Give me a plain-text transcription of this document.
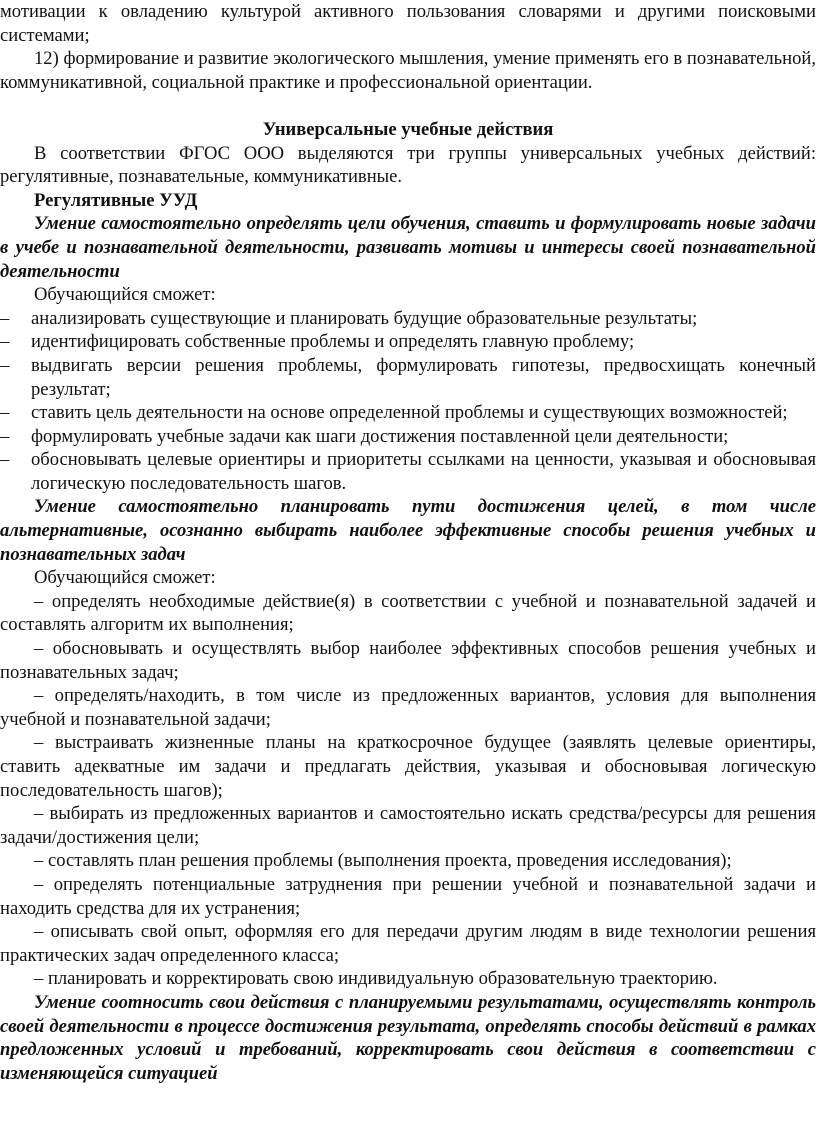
мотивации к овладению культурой активного пользования словарями и другими поисковыми системами;

12) формирование и развитие экологического мышления, умение применять его в познавательной, коммуникативной, социальной практике и профессиональной ориентации.

Универсальные учебные действия

В соответствии ФГОС ООО выделяются три группы универсальных учебных действий: регулятивные, познавательные, коммуникативные.

Регулятивные УУД

Умение самостоятельно определять цели обучения, ставить и формулировать новые задачи в учебе и познавательной деятельности, развивать мотивы и интересы своей познавательной деятельности

Обучающийся сможет:

– анализировать существующие и планировать будущие образовательные результаты;
– идентифицировать собственные проблемы и определять главную проблему;
– выдвигать версии решения проблемы, формулировать гипотезы, предвосхищать конечный результат;
– ставить цель деятельности на основе определенной проблемы и существующих возможностей;
– формулировать учебные задачи как шаги достижения поставленной цели деятельности;
– обосновывать целевые ориентиры и приоритеты ссылками на ценности, указывая и обосновывая логическую последовательность шагов.

Умение самостоятельно планировать пути достижения целей, в том числе альтернативные, осознанно выбирать наиболее эффективные способы решения учебных и познавательных задач

Обучающийся сможет:

– определять необходимые действие(я) в соответствии с учебной и познавательной задачей и составлять алгоритм их выполнения;

– обосновывать и осуществлять выбор наиболее эффективных способов решения учебных и познавательных задач;

– определять/находить, в том числе из предложенных вариантов, условия для выполнения учебной и познавательной задачи;

– выстраивать жизненные планы на краткосрочное будущее (заявлять целевые ориентиры, ставить адекватные им задачи и предлагать действия, указывая и обосновывая логическую последовательность шагов);

– выбирать из предложенных вариантов и самостоятельно искать средства/ресурсы для решения задачи/достижения цели;

– составлять план решения проблемы (выполнения проекта, проведения исследования);

– определять потенциальные затруднения при решении учебной и познавательной задачи и находить средства для их устранения;

– описывать свой опыт, оформляя его для передачи другим людям в виде технологии решения практических задач определенного класса;

– планировать и корректировать свою индивидуальную образовательную траекторию.

Умение соотносить свои действия с планируемыми результатами, осуществлять контроль своей деятельности в процессе достижения результата, определять способы действий в рамках предложенных условий и требований, корректировать свои действия в соответствии с изменяющейся ситуацией
